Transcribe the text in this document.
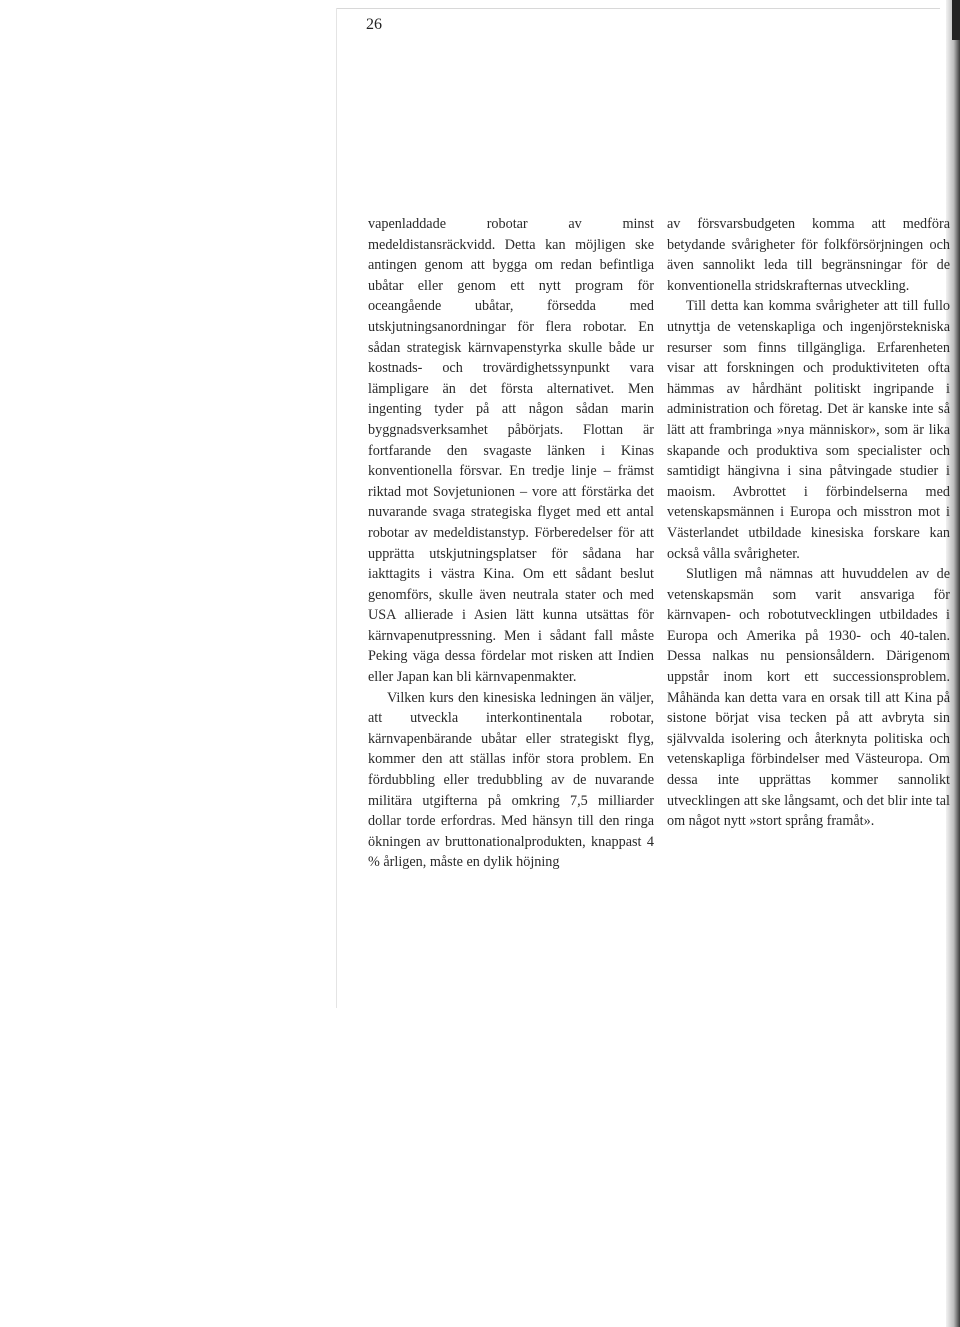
26

vapenladdade robotar av minst medeldistansräckvidd. Detta kan möjligen ske antingen genom att bygga om redan befintliga ubåtar eller genom ett nytt program för oceangående ubåtar, försedda med utskjutningsanordningar för flera robotar. En sådan strategisk kärnvapenstyrka skulle både ur kostnads- och trovärdighetssynpunkt vara lämpligare än det första alternativet. Men ingenting tyder på att någon sådan marin byggnadsverksamhet påbörjats. Flottan är fortfarande den svagaste länken i Kinas konventionella försvar. En tredje linje – främst riktad mot Sovjetunionen – vore att förstärka det nuvarande svaga strategiska flyget med ett antal robotar av medeldistanstyp. Förberedelser för att upprätta utskjutningsplatser för sådana har iakttagits i västra Kina. Om ett sådant beslut genomförs, skulle även neutrala stater och med USA allierade i Asien lätt kunna utsättas för kärnvapenutpressning. Men i sådant fall måste Peking väga dessa fördelar mot risken att Indien eller Japan kan bli kärnvapenmakter.

Vilken kurs den kinesiska ledningen än väljer, att utveckla interkontinentala robotar, kärnvapenbärande ubåtar eller strategiskt flyg, kommer den att ställas inför stora problem. En fördubbling eller tredubbling av de nuvarande militära utgifterna på omkring 7,5 milliarder dollar torde erfordras. Med hänsyn till den ringa ökningen av bruttonationalprodukten, knappast 4 % årligen, måste en dylik höjning

av försvarsbudgeten komma att medföra betydande svårigheter för folkförsörjningen och även sannolikt leda till begränsningar för de konventionella stridskrafternas utveckling.

Till detta kan komma svårigheter att till fullo utnyttja de vetenskapliga och ingenjörstekniska resurser som finns tillgängliga. Erfarenheten visar att forskningen och produktiviteten ofta hämmas av hårdhänt politiskt ingripande i administration och företag. Det är kanske inte så lätt att frambringa »nya människor», som är lika skapande och produktiva som specialister och samtidigt hängivna i sina påtvingade studier i maoism. Avbrottet i förbindelserna med vetenskapsmännen i Europa och misstron mot i Västerlandet utbildade kinesiska forskare kan också vålla svårigheter.

Slutligen må nämnas att huvuddelen av de vetenskapsmän som varit ansvariga för kärnvapen- och robotutvecklingen utbildades i Europa och Amerika på 1930- och 40-talen. Dessa nalkas nu pensionsåldern. Därigenom uppstår inom kort ett successionsproblem. Måhända kan detta vara en orsak till att Kina på sistone börjat visa tecken på att avbryta sin självvalda isolering och återknyta politiska och vetenskapliga förbindelser med Västeuropa. Om dessa inte upprättas kommer sannolikt utvecklingen att ske långsamt, och det blir inte tal om något nytt »stort språng framåt».
